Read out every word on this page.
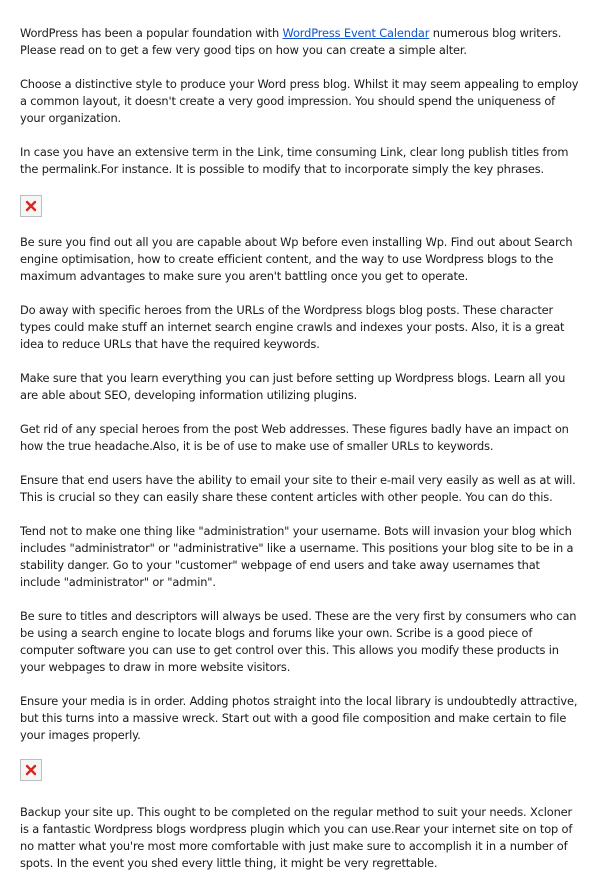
WordPress has been a popular foundation with WordPress Event Calendar numerous blog writers. Please read on to get a few very good tips on how you can create a simple alter.

Choose a distinctive style to produce your Word press blog. Whilst it may seem appealing to employ a common layout, it doesn't create a very good impression. You should spend the uniqueness of your organization.

In case you have an extensive term in the Link, time consuming Link, clear long publish titles from the permalink.For instance. It is possible to modify that to incorporate simply the key phrases.

Be sure you find out all you are capable about Wp before even installing Wp. Find out about Search engine optimisation, how to create efficient content, and the way to use Wordpress blogs to the maximum advantages to make sure you aren't battling once you get to operate.

Do away with specific heroes from the URLs of the Wordpress blogs blog posts. These character types could make stuff an internet search engine crawls and indexes your posts. Also, it is a great idea to reduce URLs that have the required keywords.

Make sure that you learn everything you can just before setting up Wordpress blogs. Learn all you are able about SEO, developing information utilizing plugins.

Get rid of any special heroes from the post Web addresses. These figures badly have an impact on how the true headache.Also, it is be of use to make use of smaller URLs to keywords.

Ensure that end users have the ability to email your site to their e-mail very easily as well as at will. This is crucial so they can easily share these content articles with other people. You can do this.

Tend not to make one thing like "administration" your username. Bots will invasion your blog which includes "administrator" or "administrative" like a username. This positions your blog site to be in a stability danger. Go to your "customer" webpage of end users and take away usernames that include "administrator" or "admin".

Be sure to titles and descriptors will always be used. These are the very first by consumers who can be using a search engine to locate blogs and forums like your own. Scribe is a good piece of computer software you can use to get control over this. This allows you modify these products in your webpages to draw in more website visitors.

Ensure your media is in order. Adding photos straight into the local library is undoubtedly attractive, but this turns into a massive wreck. Start out with a good file composition and make certain to file your images properly.

Backup your site up. This ought to be completed on the regular method to suit your needs. Xcloner is a fantastic Wordpress blogs wordpress plugin which you can use.Rear your internet site on top of no matter what you're most more comfortable with just make sure to accomplish it in a number of spots. In the event you shed every little thing, it might be very regrettable.
